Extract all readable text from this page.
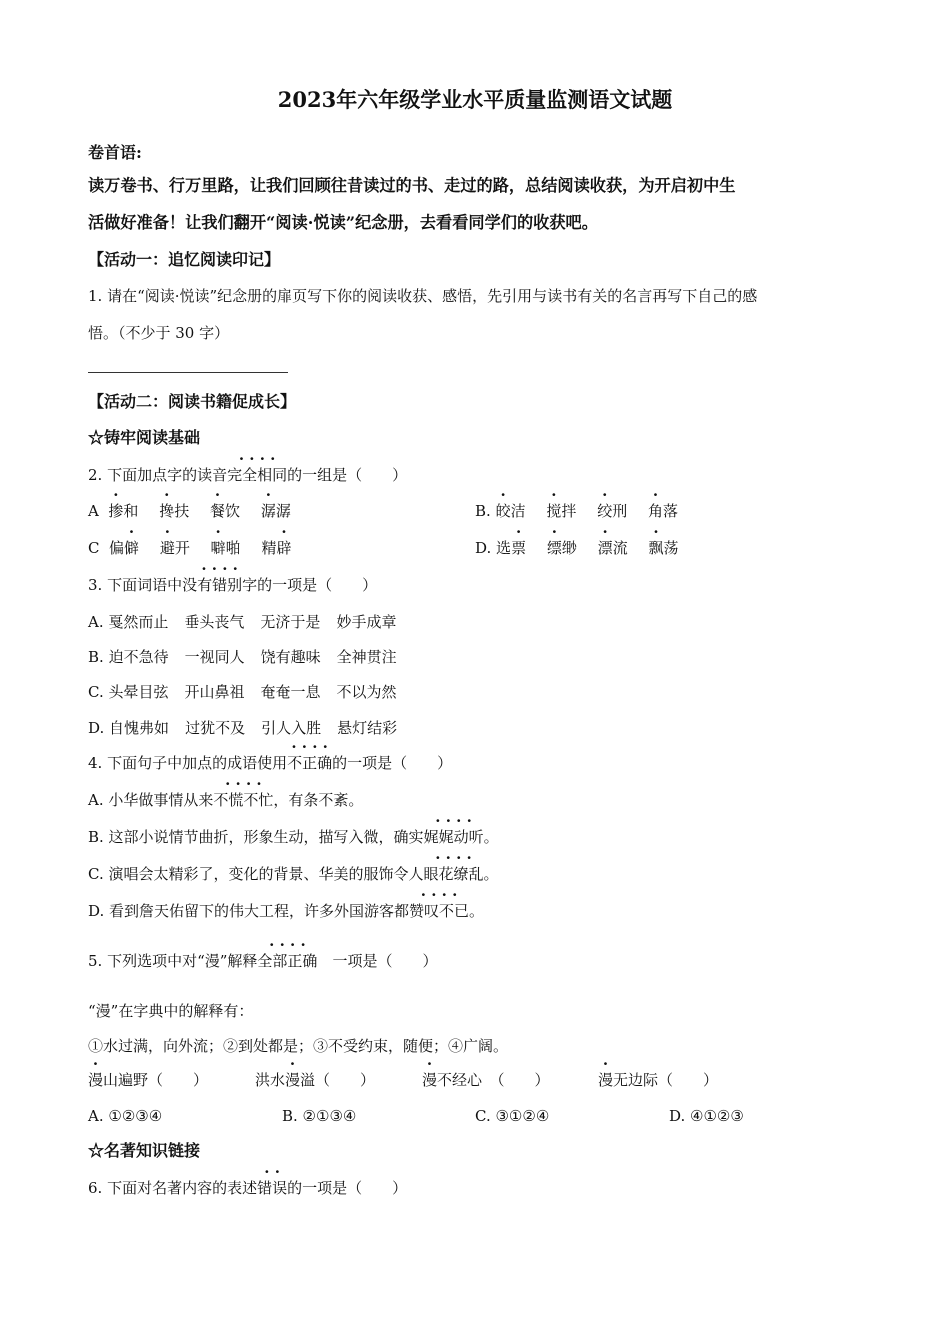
2023年六年级学业水平质量监测语文试题
卷首语:
读万卷书、行万里路，让我们回顾往昔读过的书、走过的路，总结阅读收获，为开启初中生
活做好准备！让我们翻开“阅读·悦读”纪念册，去看看同学们的收获吧。
【活动一：追忆阅读印记】
1. 请在“阅读·悦读”纪念册的扉页写下你的阅读收获、感悟，先引用与读书有关的名言再写下自己的感
悟。（不少于 30 字）
【活动二：阅读书籍促成长】
☆铸牢阅读基础
2. 下面加点字的读音· · · · 完全相同的一组是（　　）
A 掺和 搀扶 餐饮 潺潺	B. 皎洁 搅拌 绞刑 角落
C 偏僻 避开 噼啪 精辟	D. 选票 缥缈 漂流 飘荡
3. 下面词语中· · · · 没有错别字的一项是（　　）
A. 戛然而止 垂头丧气 无济于是 妙手成章
B. 迫不急待 一视同人 饶有趣味 全神贯注
C. 头晕目弦 开山鼻祖 奄奄一息 不以为然
D. 自愧弗如 过犹不及 引人入胜 悬灯结彩
4. 下面句子中加点的成语使用· · · · 不正确的一项是（　　）
A. 小华做事情从来· · · · 不慌不忙，有条不紊。
B. 这部小说情节曲折，形象生动，描写入微，确实· · · · 娓娓动听。
C. 演唱会太精彩了，变化的背景、华美的服饰令人· · · · 眼花缭乱。
D. 看到詹天佑留下的伟大工程，许多外国游客都· · · · 赞叹不已。
5. 下列选项中对“漫”解释· · · · 全部正确　一项是（　　）
“漫”在字典中的解释有：
①水过满，向外流；②到处都是；③不受约束，随便；④广阔。
漫山遍野（　　）	洪水漫溢（　　）	漫不经心　（　　）	漫无边际（　　）
A. ①②③④	B. ②①③④	C. ③①②④	D. ④①②③
☆名著知识链接
6. 下面对名著内容的表述· · 错误的一项是（　　）
